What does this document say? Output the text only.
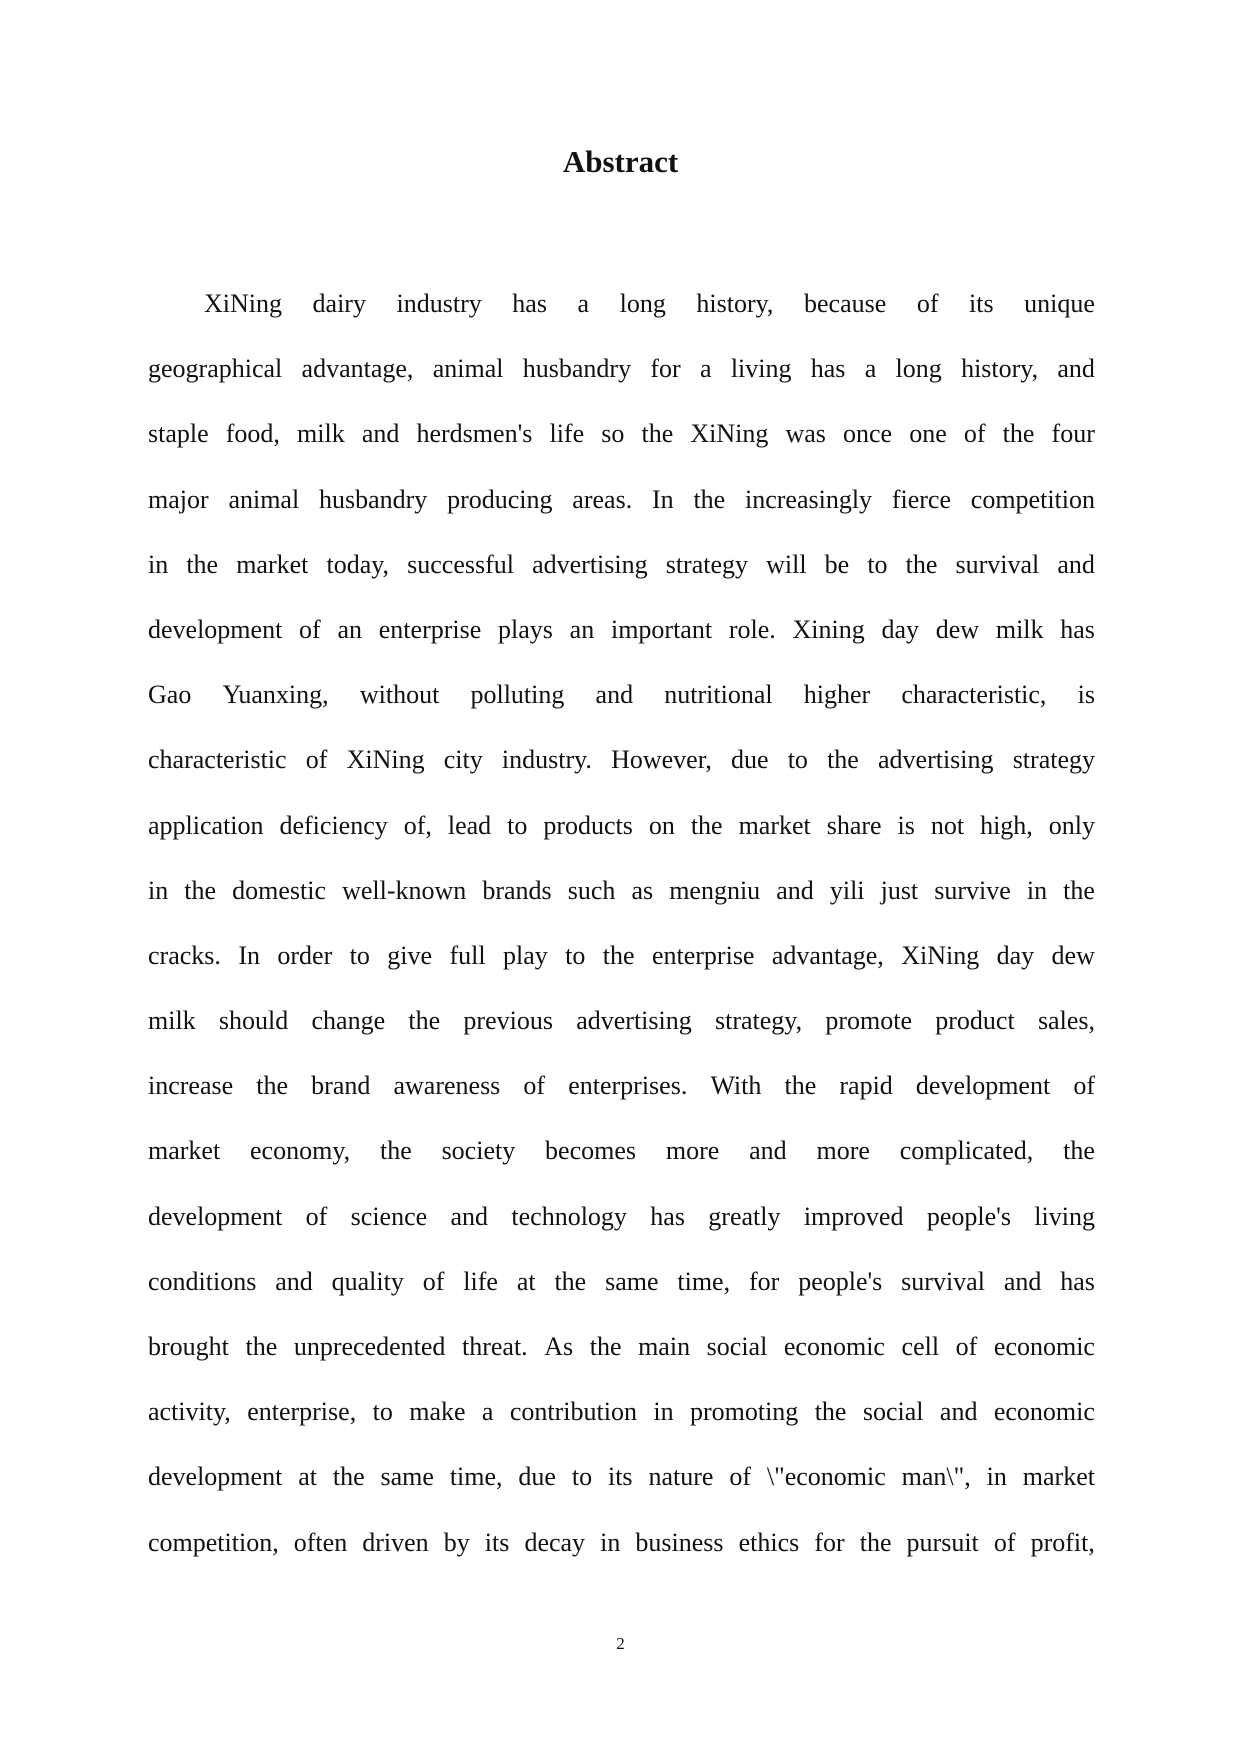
Abstract
XiNing dairy industry has a long history, because of its unique
geographical advantage, animal husbandry for a living has a long history, and
staple food, milk and herdsmen's life so the XiNing was once one of the four
major animal husbandry producing areas. In the increasingly fierce competition
in the market today, successful advertising strategy will be to the survival and
development of an enterprise plays an important role. Xining day dew milk has
Gao Yuanxing, without polluting and nutritional higher characteristic, is
characteristic of XiNing city industry. However, due to the advertising strategy
application deficiency of, lead to products on the market share is not high, only
in the domestic well-known brands such as mengniu and yili just survive in the
cracks. In order to give full play to the enterprise advantage, XiNing day dew
milk should change the previous advertising strategy, promote product sales,
increase the brand awareness of enterprises. With the rapid development of
market economy, the society becomes more and more complicated, the
development of science and technology has greatly improved people's living
conditions and quality of life at the same time, for people's survival and has
brought the unprecedented threat. As the main social economic cell of economic
activity, enterprise, to make a contribution in promoting the social and economic
development at the same time, due to its nature of \"economic man\", in market
competition, often driven by its decay in business ethics for the pursuit of profit,
2
